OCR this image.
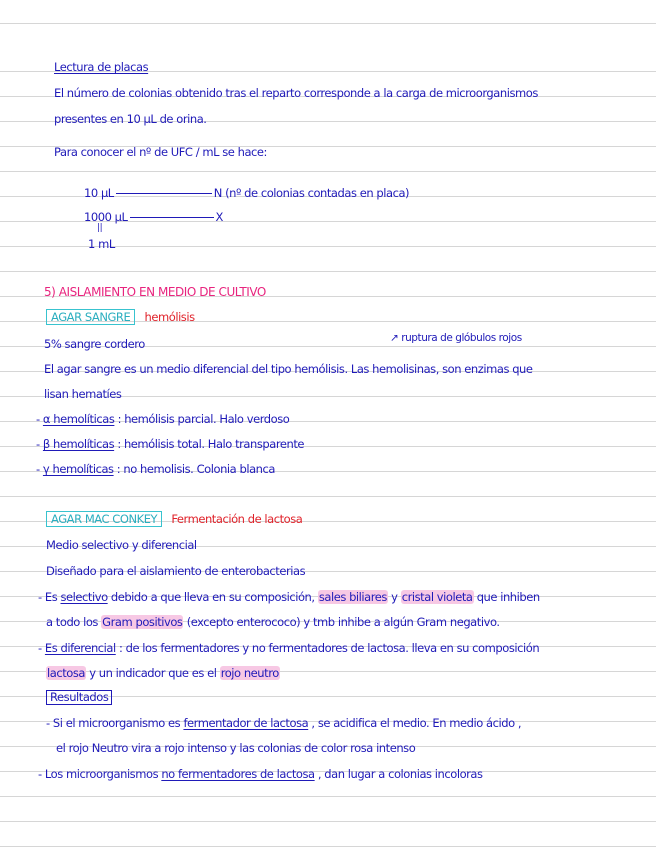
Lectura de placas
El número de colonias obtenido tras el reparto corresponde a la carga de microorganismos
presentes en 10 µL de orina.
Para conocer el nº de UFC / mL se hace:
10 µL	N (nº de colonias contadas en placa)
1000 µL	X
||
1 mL
5) AISLAMIENTO EN MEDIO DE CULTIVO
AGAR SANGRE hemólisis
↗ ruptura de glóbulos rojos
5% sangre cordero
El agar sangre es un medio diferencial del tipo hemólisis. Las hemolisinas, son enzimas que
lisan hematíes
- α hemolíticas : hemólisis parcial. Halo verdoso
- β hemolíticas : hemólisis total. Halo transparente
- γ hemolíticas : no hemolisis. Colonia blanca
AGAR MAC CONKEY Fermentación de lactosa
Medio selectivo y diferencial
Diseñado para el aislamiento de enterobacterias
- Es selectivo debido a que lleva en su composición, sales biliares y cristal violeta que inhiben
a todo los Gram positivos (excepto enterococo) y tmb inhibe a algún Gram negativo.
- Es diferencial : de los fermentadores y no fermentadores de lactosa. lleva en su composición
lactosa y un indicador que es el rojo neutro
Resultados
- Si el microorganismo es fermentador de lactosa , se acidifica el medio. En medio ácido ,
el rojo Neutro vira a rojo intenso y las colonias de color rosa intenso
- Los microorganismos no fermentadores de lactosa , dan lugar a colonias incoloras
